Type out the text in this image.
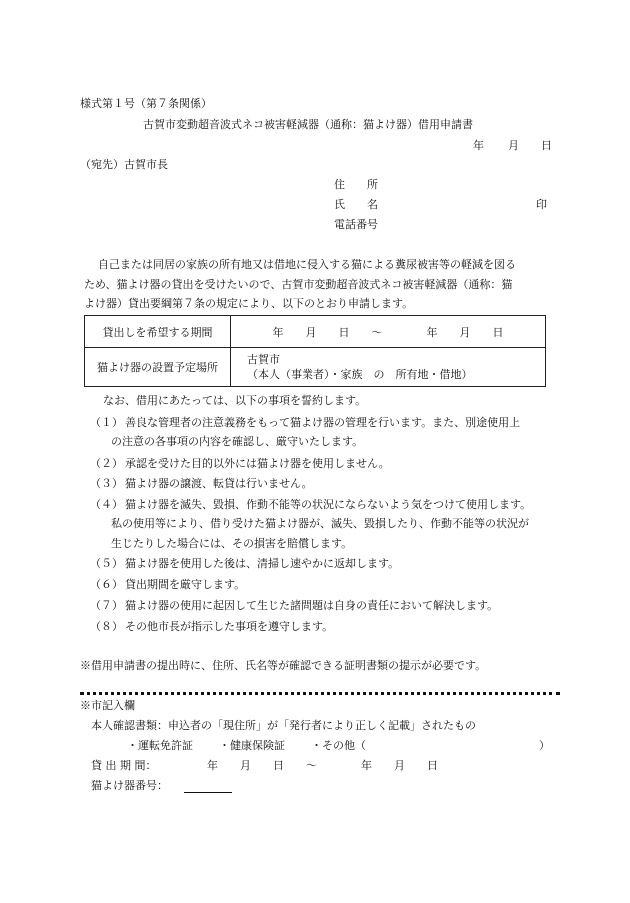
様式第１号（第７条関係）
古賀市変動超音波式ネコ被害軽減器（通称：猫よけ器）借用申請書
年 月 日
（宛先）古賀市長
住　　所
氏　　名	印
電話番号
自己または同居の家族の所有地又は借地に侵入する猫による糞尿被害等の軽減を図る
ため、猫よけ器の貸出を受けたいので、古賀市変動超音波式ネコ被害軽減器（通称：猫
よけ器）貸出要綱第７条の規定により、以下のとおり申請します。
貸出しを希望する期間	年　　月　　日　　～　　　　年　　月　　日
猫よけ器の設置予定場所	古賀市
（本人（事業者）・家族　の　所有地・借地）
なお、借用にあたっては、以下の事項を誓約します。
（１） 善良な管理者の注意義務をもって猫よけ器の管理を行います。また、別途使用上
の注意の各事項の内容を確認し、厳守いたします。
（２） 承認を受けた目的以外には猫よけ器を使用しません。
（３） 猫よけ器の譲渡、転貸は行いません。
（４） 猫よけ器を滅失、毀損、作動不能等の状況にならないよう気をつけて使用します。
私の使用等により、借り受けた猫よけ器が、滅失、毀損したり、作動不能等の状況が
生じたりした場合には、その損害を賠償します。
（５） 猫よけ器を使用した後は、清掃し速やかに返却します。
（６） 貸出期間を厳守します。
（７） 猫よけ器の使用に起因して生じた諸問題は自身の責任において解決します。
（８） その他市長が指示した事項を遵守します。
※借用申請書の提出時に、住所、氏名等が確認できる証明書類の提示が必要です。
※市記入欄
本人確認書類：申込者の「現住所」が「発行者により正しく記載」されたもの
・運転免許証 ・健康保険証 ・その他（	）
貸 出 期 間：	年　　月　　日　　～　　　　年　　月　　日
猫よけ器番号：
